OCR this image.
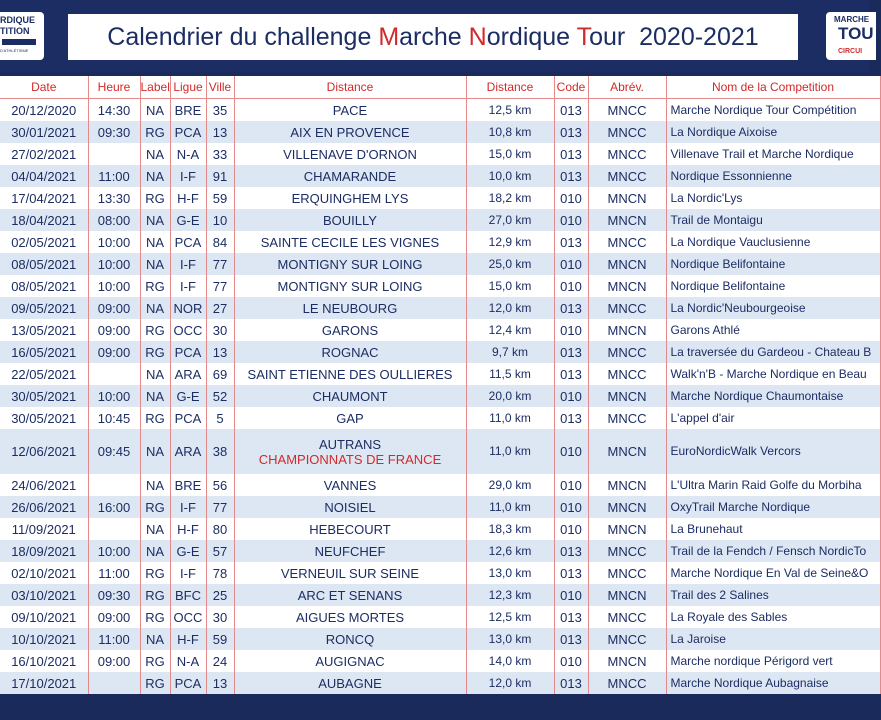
RDIQUE
TITION
D'ATHLÉTISME	Calendrier du challenge Marche Nordique Tour  2020-2021
MARCHE
TOU
CIRCUI
Date	Heure	Label	Ligue	Ville	Distance	Distance	Code	Abrév.	Nom de la Competition
20/12/2020	14:30	NA	BRE	35	PACE	12,5 km	013	MNCC	Marche Nordique Tour Compétition
30/01/2021	09:30	RG	PCA	13	AIX EN PROVENCE	10,8 km	013	MNCC	La Nordique Aixoise
27/02/2021		NA	N-A	33	VILLENAVE D'ORNON	15,0 km	013	MNCC	Villenave Trail et Marche Nordique
04/04/2021	11:00	NA	I-F	91	CHAMARANDE	10,0 km	013	MNCC	Nordique Essonnienne
17/04/2021	13:30	RG	H-F	59	ERQUINGHEM LYS	18,2 km	010	MNCN	La Nordic'Lys
18/04/2021	08:00	NA	G-E	10	BOUILLY	27,0 km	010	MNCN	Trail de Montaigu
02/05/2021	10:00	NA	PCA	84	SAINTE CECILE LES VIGNES	12,9 km	013	MNCC	La Nordique Vauclusienne
08/05/2021	10:00	NA	I-F	77	MONTIGNY SUR LOING	25,0 km	010	MNCN	Nordique Belifontaine
08/05/2021	10:00	RG	I-F	77	MONTIGNY SUR LOING	15,0 km	010	MNCN	Nordique Belifontaine
09/05/2021	09:00	NA	NOR	27	LE NEUBOURG	12,0 km	013	MNCC	La Nordic'Neubourgeoise
13/05/2021	09:00	RG	OCC	30	GARONS	12,4 km	010	MNCN	Garons Athlé
16/05/2021	09:00	RG	PCA	13	ROGNAC	9,7 km	013	MNCC	La traversée du Gardeou - Chateau B
22/05/2021		NA	ARA	69	SAINT ETIENNE DES OULLIERES	11,5 km	013	MNCC	Walk'n'B - Marche Nordique en Beau
30/05/2021	10:00	NA	G-E	52	CHAUMONT	20,0 km	010	MNCN	Marche Nordique Chaumontaise
30/05/2021	10:45	RG	PCA	5	GAP	11,0 km	013	MNCC	L'appel d'air
12/06/2021	09:45	NA	ARA	38	AUTRANS
CHAMPIONNATS DE FRANCE	11,0 km	010	MNCN	EuroNordicWalk Vercors
24/06/2021		NA	BRE	56	VANNES	29,0 km	010	MNCN	L'Ultra Marin Raid Golfe du Morbiha
26/06/2021	16:00	RG	I-F	77	NOISIEL	11,0 km	010	MNCN	OxyTrail Marche Nordique
11/09/2021		NA	H-F	80	HEBECOURT	18,3 km	010	MNCN	La Brunehaut
18/09/2021	10:00	NA	G-E	57	NEUFCHEF	12,6 km	013	MNCC	Trail de la Fendch / Fensch NordicTo
02/10/2021	11:00	RG	I-F	78	VERNEUIL SUR SEINE	13,0 km	013	MNCC	Marche Nordique En Val de Seine&O
03/10/2021	09:30	RG	BFC	25	ARC ET SENANS	12,3 km	010	MNCN	Trail des 2 Salines
09/10/2021	09:00	RG	OCC	30	AIGUES MORTES	12,5 km	013	MNCC	La Royale des Sables
10/10/2021	11:00	NA	H-F	59	RONCQ	13,0 km	013	MNCC	La Jaroise
16/10/2021	09:00	RG	N-A	24	AUGIGNAC	14,0 km	010	MNCN	Marche nordique Périgord vert
17/10/2021		RG	PCA	13	AUBAGNE	12,0 km	013	MNCC	Marche Nordique Aubagnaise
